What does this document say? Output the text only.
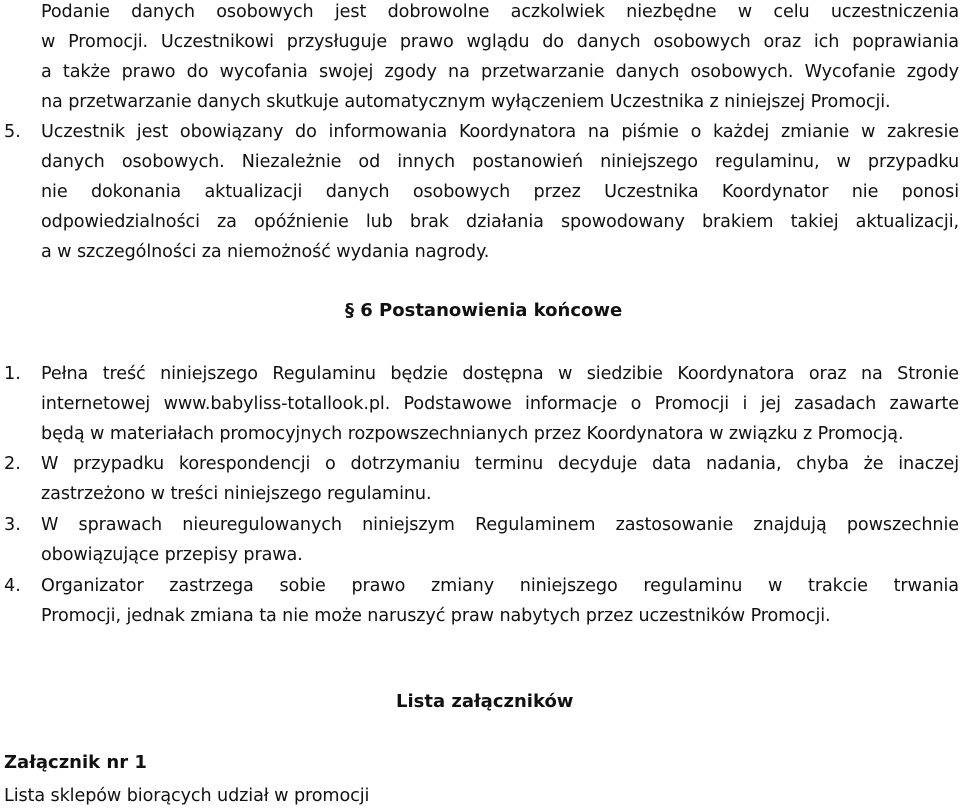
Podanie danych osobowych jest dobrowolne aczkolwiek niezbędne w celu uczestniczenia

w Promocji. Uczestnikowi przysługuje prawo wglądu do danych osobowych oraz ich poprawiania

a także prawo do wycofania swojej zgody na przetwarzanie danych osobowych. Wycofanie zgody

na przetwarzanie danych skutkuje automatycznym wyłączeniem Uczestnika z niniejszej Promocji.

5. Uczestnik jest obowiązany do informowania Koordynatora na piśmie o każdej zmianie w zakresie

danych osobowych. Niezależnie od innych postanowień niniejszego regulaminu, w przypadku

nie dokonania aktualizacji danych osobowych przez Uczestnika Koordynator nie ponosi

odpowiedzialności za opóźnienie lub brak działania spowodowany brakiem takiej aktualizacji,

a w szczególności za niemożność wydania nagrody.

§ 6 Postanowienia końcowe

1. Pełna treść niniejszego Regulaminu będzie dostępna w siedzibie Koordynatora oraz na Stronie

internetowej www.babyliss-totallook.pl. Podstawowe informacje o Promocji i jej zasadach zawarte

będą w materiałach promocyjnych rozpowszechnianych przez Koordynatora w związku z Promocją.

2. W przypadku korespondencji o dotrzymaniu terminu decyduje data nadania, chyba że inaczej

zastrzeżono w treści niniejszego regulaminu.

3. W sprawach nieuregulowanych niniejszym Regulaminem zastosowanie znajdują powszechnie

obowiązujące przepisy prawa.

4. Organizator zastrzega sobie prawo zmiany niniejszego regulaminu w trakcie trwania

Promocji, jednak zmiana ta nie może naruszyć praw nabytych przez uczestników Promocji.

Lista załączników
Załącznik nr 1

Lista sklepów biorących udział w promocji
